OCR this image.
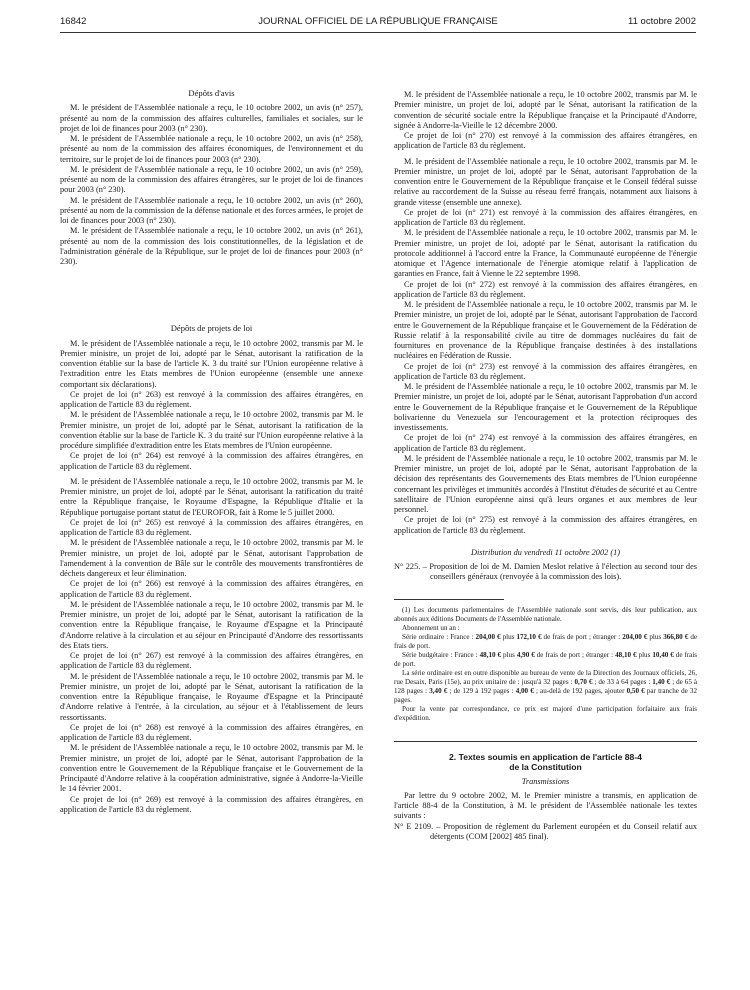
16842	JOURNAL OFFICIEL DE LA RÉPUBLIQUE FRANÇAISE	11 octobre 2002
Dépôts d'avis

M. le président de l'Assemblée nationale a reçu, le 10 octobre 2002, un avis (n° 257), présenté au nom de la commission des affaires culturelles, familiales et sociales, sur le projet de loi de finances pour 2003 (n° 230).

M. le président de l'Assemblée nationale a reçu, le 10 octobre 2002, un avis (n° 258), présenté au nom de la commission des affaires économiques, de l'environnement et du territoire, sur le projet de loi de finances pour 2003 (n° 230).

M. le président de l'Assemblée nationale a reçu, le 10 octobre 2002, un avis (n° 259), présenté au nom de la commission des affaires étrangères, sur le projet de loi de finances pour 2003 (n° 230).

M. le président de l'Assemblée nationale a reçu, le 10 octobre 2002, un avis (n° 260), présenté au nom de la commission de la défense nationale et des forces armées, le projet de loi de finances pour 2003 (n° 230).

M. le président de l'Assemblée nationale a reçu, le 10 octobre 2002, un avis (n° 261), présenté au nom de la commission des lois constitutionnelles, de la législation et de l'administration générale de la République, sur le projet de loi de finances pour 2003 (n° 230).

Dépôts de projets de loi

M. le président de l'Assemblée nationale a reçu, le 10 octobre 2002, transmis par M. le Premier ministre, un projet de loi, adopté par le Sénat, autorisant la ratification de la convention établie sur la base de l'article K. 3 du traité sur l'Union européenne relative à l'extradition entre les Etats membres de l'Union européenne (ensemble une annexe comportant six déclarations).

Ce projet de loi (n° 263) est renvoyé à la commission des affaires étrangères, en application de l'article 83 du règlement.

M. le président de l'Assemblée nationale a reçu, le 10 octobre 2002, transmis par M. le Premier ministre, un projet de loi, adopté par le Sénat, autorisant la ratification de la convention établie sur la base de l'article K. 3 du traité sur l'Union européenne relative à la procédure simplifiée d'extradition entre les Etats membres de l'Union européenne.

Ce projet de loi (n° 264) est renvoyé à la commission des affaires étrangères, en application de l'article 83 du règlement.

M. le président de l'Assemblée nationale a reçu, le 10 octobre 2002, transmis par M. le Premier ministre, un projet de loi, adopté par le Sénat, autorisant la ratification du traité entre la République française, le Royaume d'Espagne, la République d'Italie et la République portugaise portant statut de l'EUROFOR, fait à Rome le 5 juillet 2000.

Ce projet de loi (n° 265) est renvoyé à la commission des affaires étrangères, en application de l'article 83 du règlement.

M. le président de l'Assemblée nationale a reçu, le 10 octobre 2002, transmis par M. le Premier ministre, un projet de loi, adopté par le Sénat, autorisant l'approbation de l'amendement à la convention de Bâle sur le contrôle des mouvements transfrontières de déchets dangereux et leur élimination.

Ce projet de loi (n° 266) est renvoyé à la commission des affaires étrangères, en application de l'article 83 du règlement.

M. le président de l'Assemblée nationale a reçu, le 10 octobre 2002, transmis par M. le Premier ministre, un projet de loi, adopté par le Sénat, autorisant la ratification de la convention entre la République française, le Royaume d'Espagne et la Principauté d'Andorre relative à la circulation et au séjour en Principauté d'Andorre des ressortissants des Etats tiers.

Ce projet de loi (n° 267) est renvoyé à la commission des affaires étrangères, en application de l'article 83 du règlement.

M. le président de l'Assemblée nationale a reçu, le 10 octobre 2002, transmis par M. le Premier ministre, un projet de loi, adopté par le Sénat, autorisant la ratification de la convention entre la République française, le Royaume d'Espagne et la Principauté d'Andorre relative à l'entrée, à la circulation, au séjour et à l'établissement de leurs ressortissants.

Ce projet de loi (n° 268) est renvoyé à la commission des affaires étrangères, en application de l'article 83 du règlement.

M. le président de l'Assemblée nationale a reçu, le 10 octobre 2002, transmis par M. le Premier ministre, un projet de loi, adopté par le Sénat, autorisant l'approbation de la convention entre le Gouvernement de la République française et le Gouvernement de la Principauté d'Andorre relative à la coopération administrative, signée à Andorre-la-Vieille le 14 février 2001.

Ce projet de loi (n° 269) est renvoyé à la commission des affaires étrangères, en application de l'article 83 du règlement.

M. le président de l'Assemblée nationale a reçu, le 10 octobre 2002, transmis par M. le Premier ministre, un projet de loi, adopté par le Sénat, autorisant la ratification de la convention de sécurité sociale entre la République française et la Principauté d'Andorre, signée à Andorre-la-Vieille le 12 décembre 2000.

Ce projet de loi (n° 270) est renvoyé à la commission des affaires étrangères, en application de l'article 83 du règlement.

M. le président de l'Assemblée nationale a reçu, le 10 octobre 2002, transmis par M. le Premier ministre, un projet de loi, adopté par le Sénat, autorisant l'approbation de la convention entre le Gouvernement de la République française et le Conseil fédéral suisse relative au raccordement de la Suisse au réseau ferré français, notamment aux liaisons à grande vitesse (ensemble une annexe).

Ce projet de loi (n° 271) est renvoyé à la commission des affaires étrangères, en application de l'article 83 du règlement.

M. le président de l'Assemblée nationale a reçu, le 10 octobre 2002, transmis par M. le Premier ministre, un projet de loi, adopté par le Sénat, autorisant la ratification du protocole additionnel à l'accord entre la France, la Communauté européenne de l'énergie atomique et l'Agence internationale de l'énergie atomique relatif à l'application de garanties en France, fait à Vienne le 22 septembre 1998.

Ce projet de loi (n° 272) est renvoyé à la commission des affaires étrangères, en application de l'article 83 du règlement.

M. le président de l'Assemblée nationale a reçu, le 10 octobre 2002, transmis par M. le Premier ministre, un projet de loi, adopté par le Sénat, autorisant l'approbation de l'accord entre le Gouvernement de la République française et le Gouvernement de la Fédération de Russie relatif à la responsabilité civile au titre de dommages nucléaires du fait de fournitures en provenance de la République française destinées à des installations nucléaires en Fédération de Russie.

Ce projet de loi (n° 273) est renvoyé à la commission des affaires étrangères, en application de l'article 83 du règlement.

M. le président de l'Assemblée nationale a reçu, le 10 octobre 2002, transmis par M. le Premier ministre, un projet de loi, adopté par le Sénat, autorisant l'approbation d'un accord entre le Gouvernement de la République française et le Gouvernement de la République bolivarienne du Venezuela sur l'encouragement et la protection réciproques des investissements.

Ce projet de loi (n° 274) est renvoyé à la commission des affaires étrangères, en application de l'article 83 du règlement.

M. le président de l'Assemblée nationale a reçu, le 10 octobre 2002, transmis par M. le Premier ministre, un projet de loi, adopté par le Sénat, autorisant l'approbation de la décision des représentants des Gouvernements des Etats membres de l'Union européenne concernant les privilèges et immunités accordés à l'Institut d'études de sécurité et au Centre satellitaire de l'Union européenne ainsi qu'à leurs organes et aux membres de leur personnel.

Ce projet de loi (n° 275) est renvoyé à la commission des affaires étrangères, en application de l'article 83 du règlement.

Distribution du vendredi 11 octobre 2002 (1)

N° 225. – Proposition de loi de M. Damien Meslot relative à l'élection au second tour des conseillers généraux (renvoyée à la commission des lois).

(1) Les documents parlementaires de l'Assemblée nationale sont servis, dès leur publication, aux abonnés aux éditions Documents de l'Assemblée nationale.

Abonnement un an :

Série ordinaire : France : 204,00 € plus 172,10 € de frais de port ; étranger : 204,00 € plus 366,80 € de frais de port.

Série budgétaire : France : 48,10 € plus 4,90 € de frais de port ; étranger : 48,10 € plus 10,40 € de frais de port.

La série ordinaire est en outre disponible au bureau de vente de la Direction des Journaux officiels, 26, rue Desaix, Paris (15e), au prix unitaire de : jusqu'à 32 pages : 0,70 € ; de 33 à 64 pages : 1,40 € ; de 65 à 128 pages : 3,40 € ; de 129 à 192 pages : 4,00 € ; au-delà de 192 pages, ajouter 0,50 € par tranche de 32 pages.

Pour la vente par correspondance, ce prix est majoré d'une participation forfaitaire aux frais d'expédition.

2. Textes soumis en application de l'article 88-4
de la Constitution
Transmissions

Par lettre du 9 octobre 2002, M. le Premier ministre a transmis, en application de l'article 88-4 de la Constitution, à M. le président de l'Assemblée nationale les textes suivants :

N° E 2109. – Proposition de règlement du Parlement européen et du Conseil relatif aux détergents (COM [2002] 485 final).
